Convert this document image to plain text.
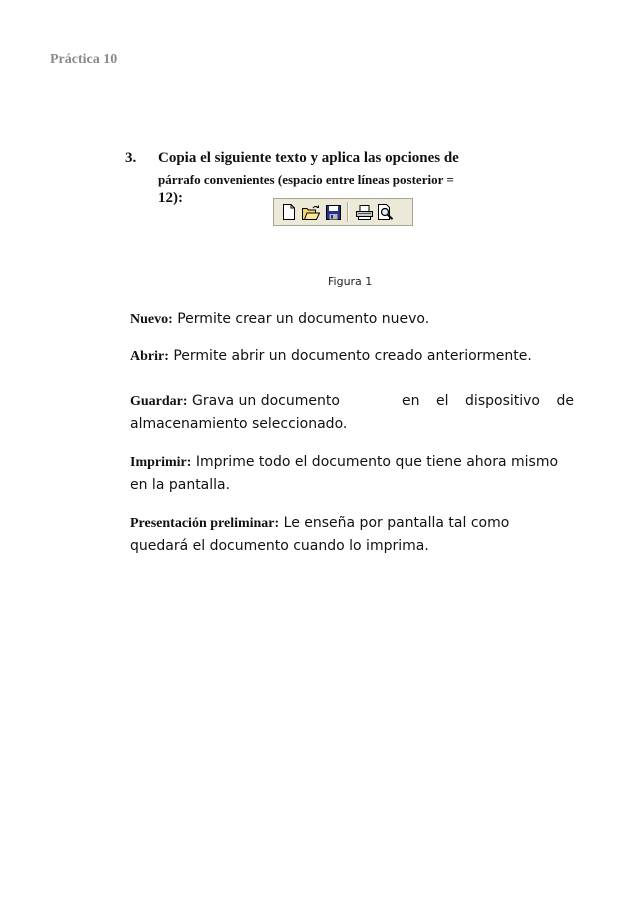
Práctica 10
3. Copia el siguiente texto y aplica las opciones de
párrafo convenientes (espacio entre líneas posterior =
12):
Figura 1
Nuevo: Permite crear un documento nuevo.
Abrir: Permite abrir un documento creado anteriormente.
Guardar: Grava un documento	en el dispositivo de
almacenamiento seleccionado.
Imprimir: Imprime todo el documento que tiene ahora mismo
en la pantalla.
Presentación preliminar: Le enseña por pantalla tal como
quedará el documento cuando lo imprima.
